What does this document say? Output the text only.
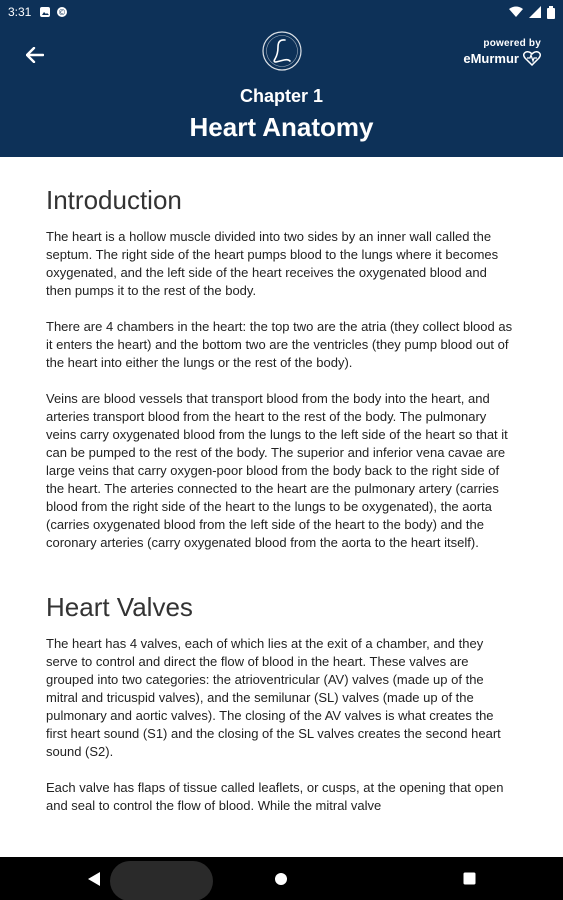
3:31	©
powered by
eMurmur
Chapter 1
Heart Anatomy
Introduction

The heart is a hollow muscle divided into two sides by an inner wall called the septum. The right side of the heart pumps blood to the lungs where it becomes oxygenated, and the left side of the heart receives the oxygenated blood and then pumps it to the rest of the body.

There are 4 chambers in the heart: the top two are the atria (they collect blood as it enters the heart) and the bottom two are the ventricles (they pump blood out of the heart into either the lungs or the rest of the body).

Veins are blood vessels that transport blood from the body into the heart, and arteries transport blood from the heart to the rest of the body. The pulmonary veins carry oxygenated blood from the lungs to the left side of the heart so that it can be pumped to the rest of the body. The superior and inferior vena cavae are large veins that carry oxygen-poor blood from the body back to the right side of the heart. The arteries connected to the heart are the pulmonary artery (carries blood from the right side of the heart to the lungs to be oxygenated), the aorta (carries oxygenated blood from the left side of the heart to the body) and the coronary arteries (carry oxygenated blood from the aorta to the heart itself).

Heart Valves

The heart has 4 valves, each of which lies at the exit of a chamber, and they serve to control and direct the flow of blood in the heart. These valves are grouped into two categories: the atrioventricular (AV) valves (made up of the mitral and tricuspid valves), and the semilunar (SL) valves (made up of the pulmonary and aortic valves). The closing of the AV valves is what creates the first heart sound (S1) and the closing of the SL valves creates the second heart sound (S2).

Each valve has flaps of tissue called leaflets, or cusps, at the opening that open and seal to control the flow of blood. While the mitral valve
